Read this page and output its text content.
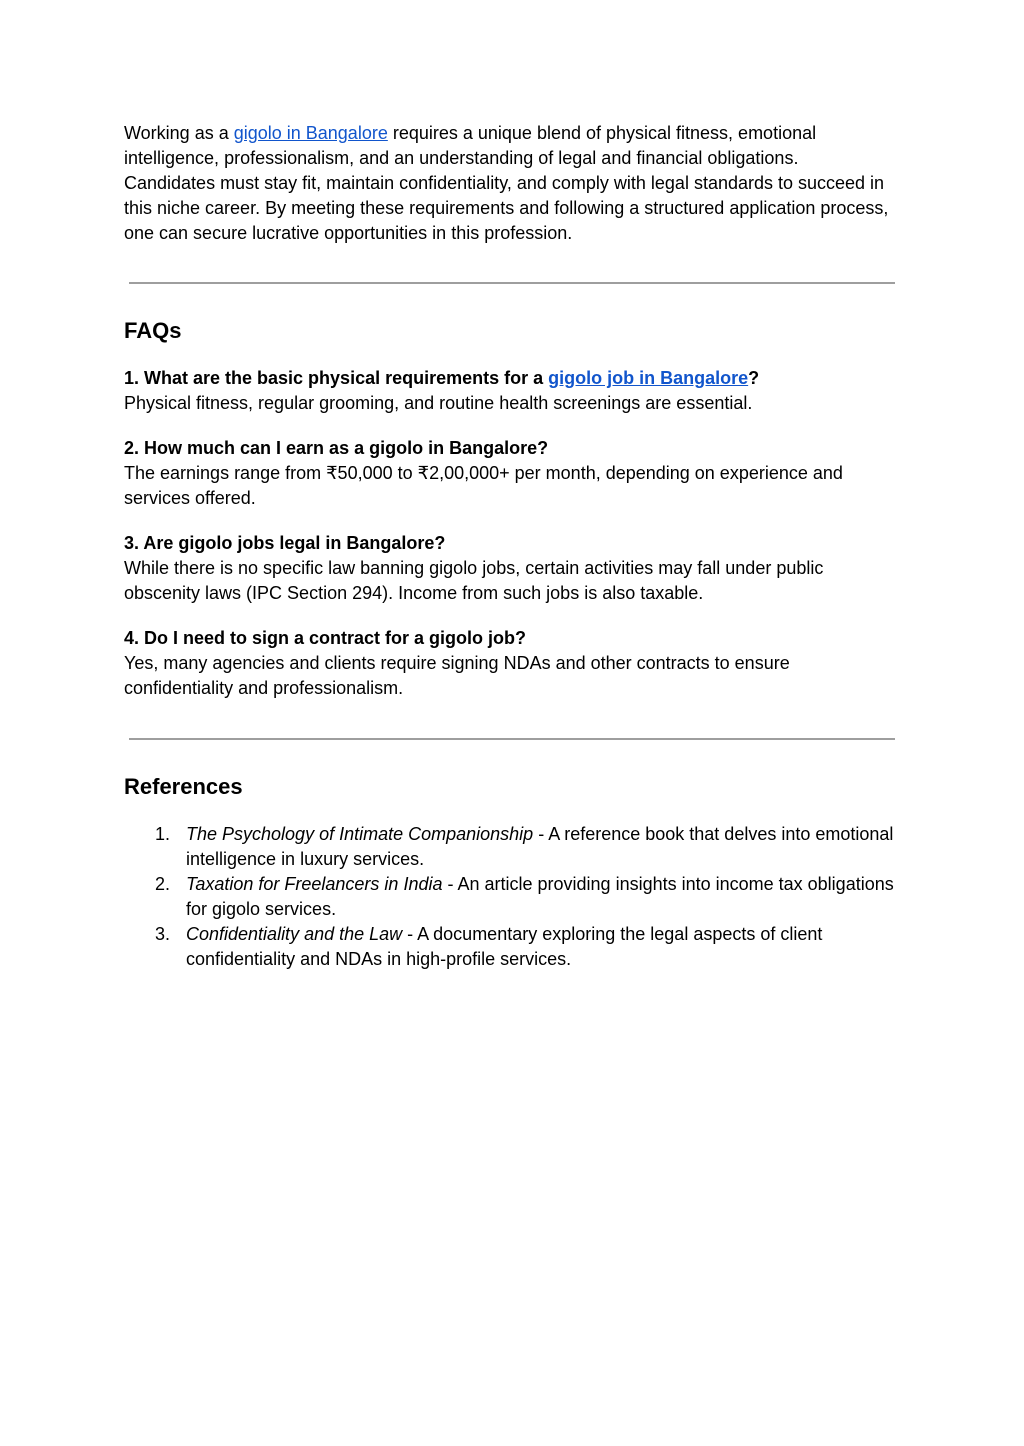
Working as a gigolo in Bangalore requires a unique blend of physical fitness, emotional intelligence, professionalism, and an understanding of legal and financial obligations. Candidates must stay fit, maintain confidentiality, and comply with legal standards to succeed in this niche career. By meeting these requirements and following a structured application process, one can secure lucrative opportunities in this profession.

FAQs

1. What are the basic physical requirements for a gigolo job in Bangalore?

Physical fitness, regular grooming, and routine health screenings are essential.

2. How much can I earn as a gigolo in Bangalore?

The earnings range from ₹50,000 to ₹2,00,000+ per month, depending on experience and services offered.

3. Are gigolo jobs legal in Bangalore?

While there is no specific law banning gigolo jobs, certain activities may fall under public obscenity laws (IPC Section 294). Income from such jobs is also taxable.

4. Do I need to sign a contract for a gigolo job?

Yes, many agencies and clients require signing NDAs and other contracts to ensure confidentiality and professionalism.

References
1. The Psychology of Intimate Companionship - A reference book that delves into emotional intelligence in luxury services.
2. Taxation for Freelancers in India - An article providing insights into income tax obligations for gigolo services.
3. Confidentiality and the Law - A documentary exploring the legal aspects of client confidentiality and NDAs in high-profile services.
